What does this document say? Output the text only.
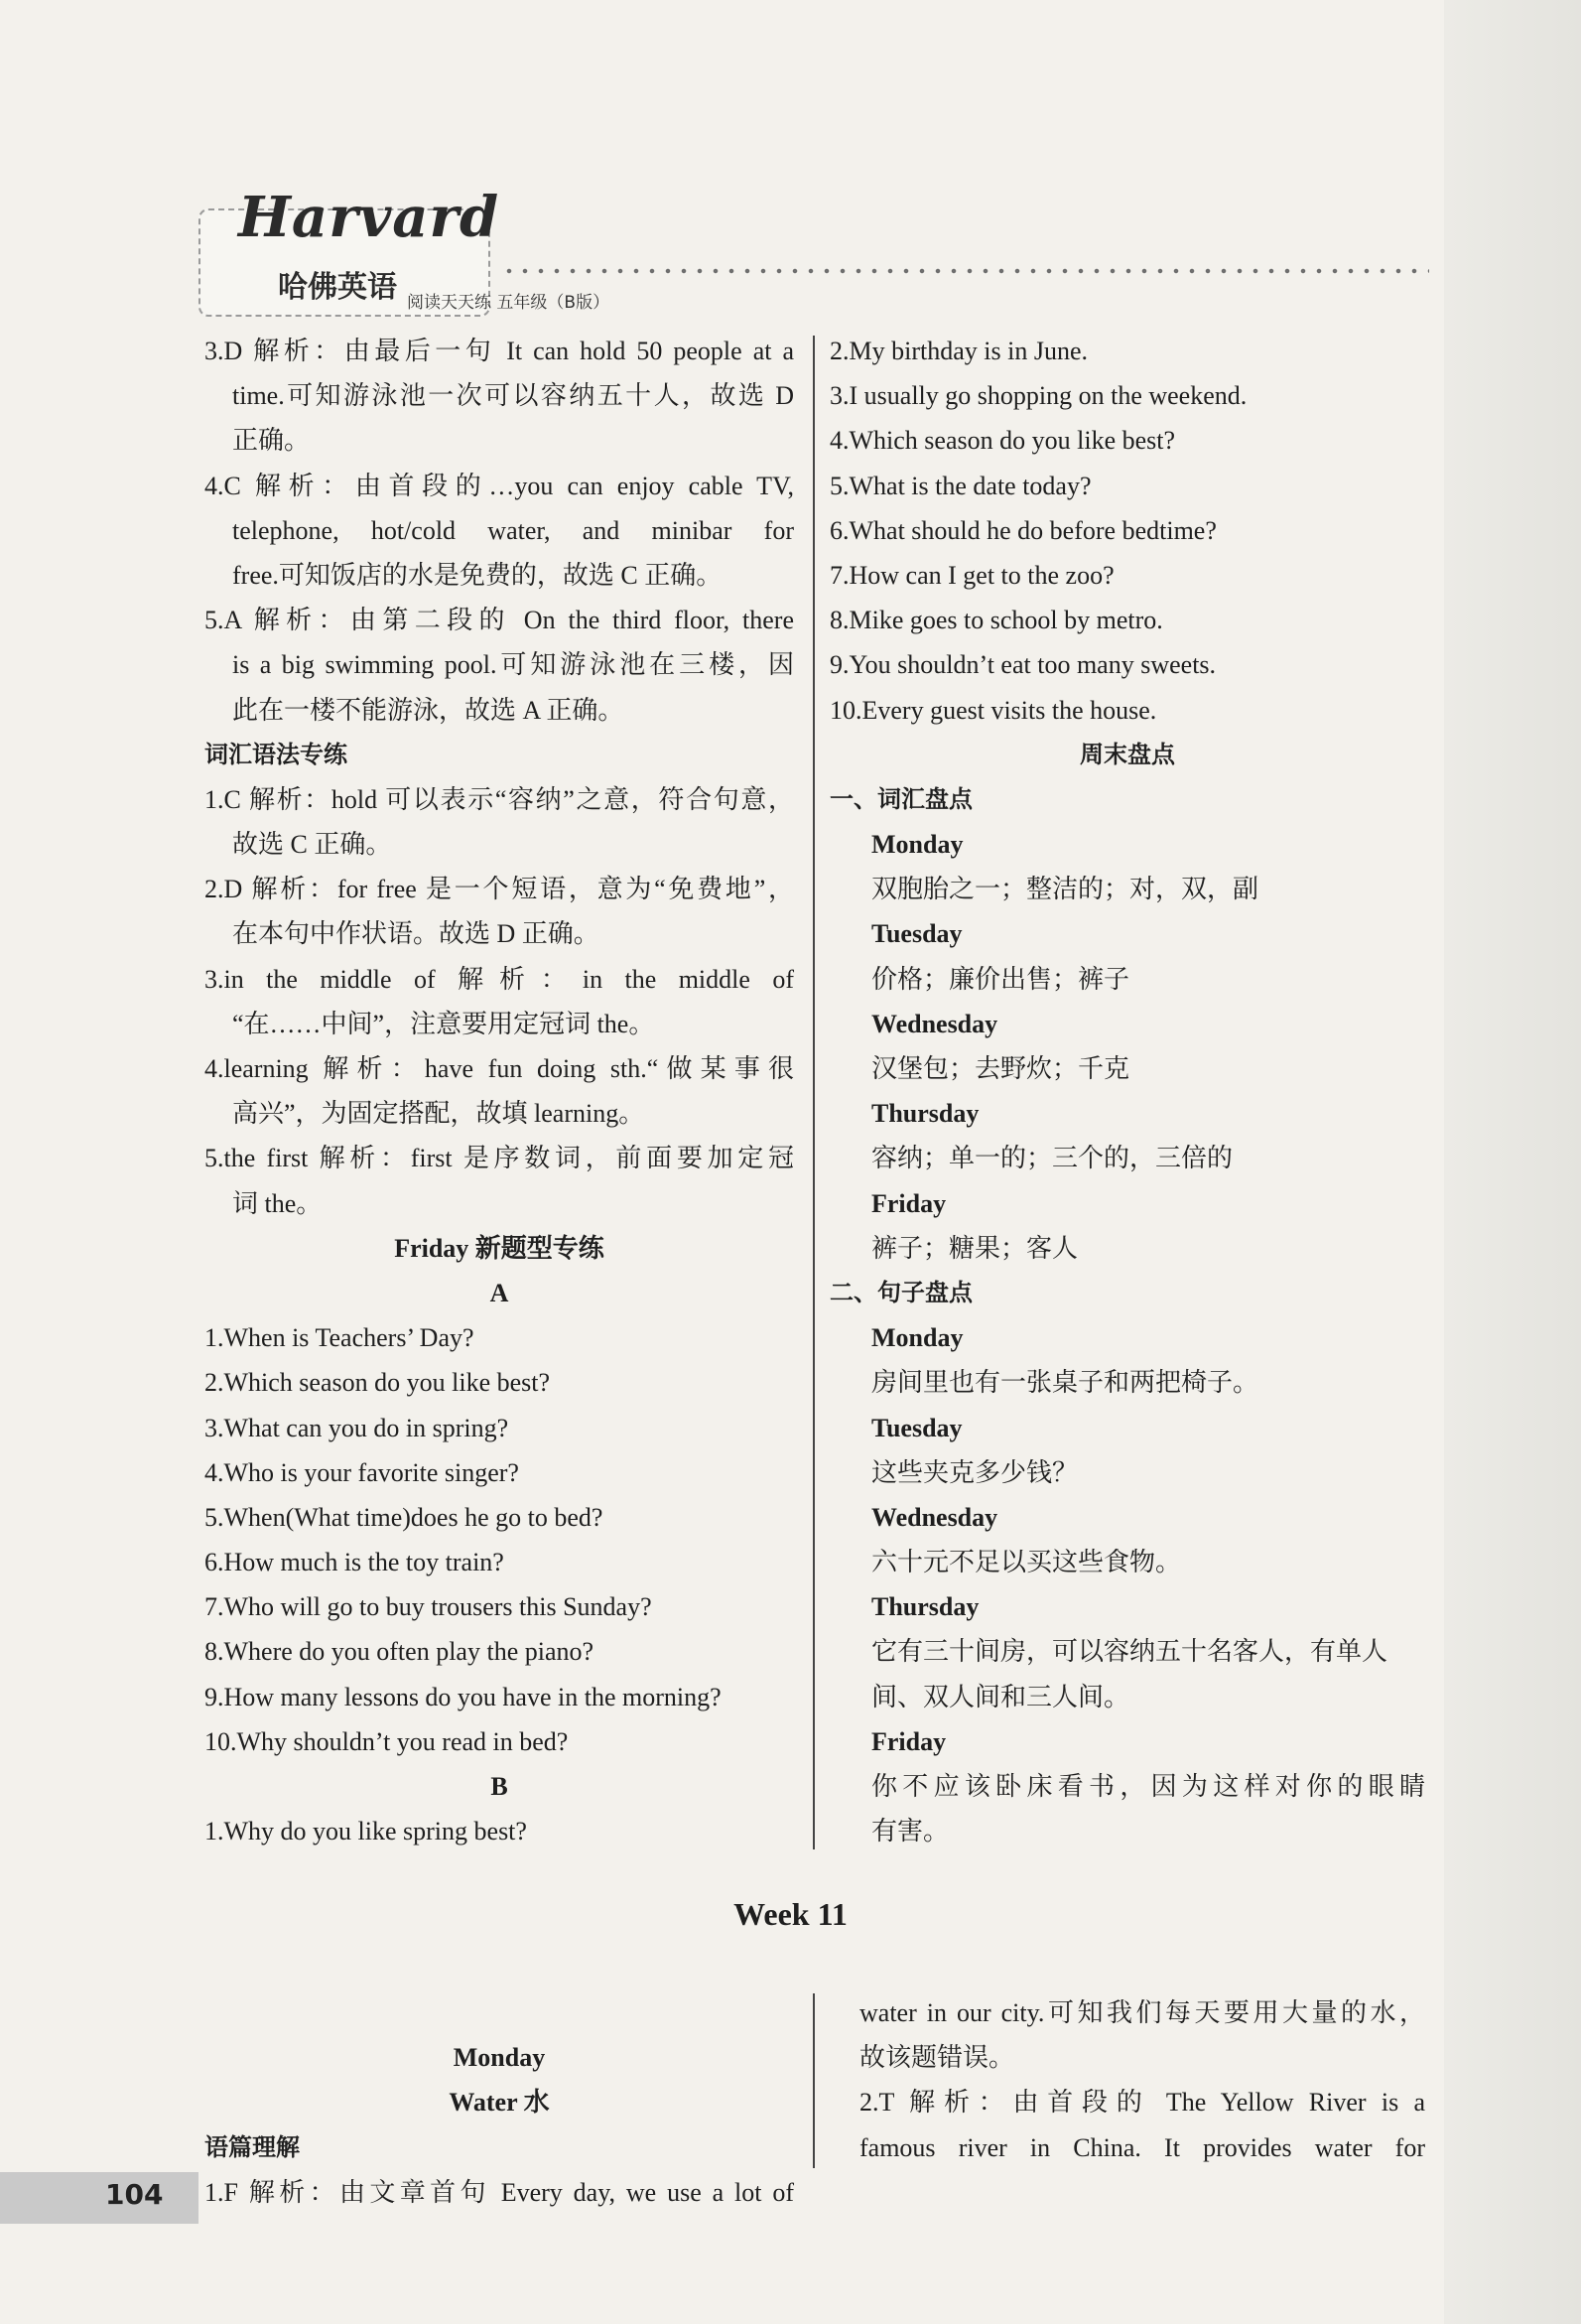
哈佛英语
Harvard
阅读天天练 五年级（B版）
3.D 解析：由最后一句 It can hold 50 people at a
time.可知游泳池一次可以容纳五十人，故选 D
正确。
4.C 解析：由首段的…you can enjoy cable TV,
telephone, hot/cold water, and minibar for
free.可知饭店的水是免费的，故选 C 正确。
5.A 解析：由第二段的 On the third floor, there
is a big swimming pool.可知游泳池在三楼，因
此在一楼不能游泳，故选 A 正确。
词汇语法专练
1.C 解析：hold 可以表示“容纳”之意，符合句意，
故选 C 正确。
2.D 解析：for free 是一个短语，意为“免费地”，
在本句中作状语。故选 D 正确。
3.in the middle of 解析：in the middle of
“在……中间”，注意要用定冠词 the。
4.learning 解析：have fun doing sth.“做某事很
高兴”，为固定搭配，故填 learning。
5.the first 解析：first 是序数词，前面要加定冠
词 the。
Friday 新题型专练
A
1.When is Teachers’ Day?
2.Which season do you like best?
3.What can you do in spring?
4.Who is your favorite singer?
5.When(What time)does he go to bed?
6.How much is the toy train?
7.Who will go to buy trousers this Sunday?
8.Where do you often play the piano?
9.How many lessons do you have in the morning?
10.Why shouldn’t you read in bed?
B
1.Why do you like spring best?
2.My birthday is in June.
3.I usually go shopping on the weekend.
4.Which season do you like best?
5.What is the date today?
6.What should he do before bedtime?
7.How can I get to the zoo?
8.Mike goes to school by metro.
9.You shouldn’t eat too many sweets.
10.Every guest visits the house.
周末盘点
一、词汇盘点
Monday
双胞胎之一；整洁的；对，双，副
Tuesday
价格；廉价出售；裤子
Wednesday
汉堡包；去野炊；千克
Thursday
容纳；单一的；三个的，三倍的
Friday
裤子；糖果；客人
二、句子盘点
Monday
房间里也有一张桌子和两把椅子。
Tuesday
这些夹克多少钱？
Wednesday
六十元不足以买这些食物。
Thursday
它有三十间房，可以容纳五十名客人，有单人
间、双人间和三人间。
Friday
你不应该卧床看书，因为这样对你的眼睛
有害。
Week 11
Monday
Water 水
语篇理解
1.F 解析：由文章首句 Every day, we use a lot of
water in our city.可知我们每天要用大量的水，
故该题错误。
2.T 解析：由首段的 The Yellow River is a
famous river in China. It provides water for
104
